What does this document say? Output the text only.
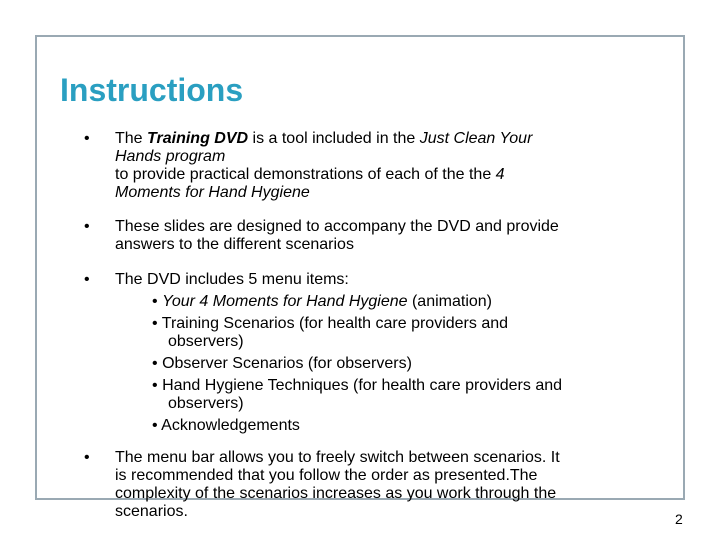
Instructions
• The Training DVD is a tool included in the Just Clean Your
Hands program
to provide practical demonstrations of each of the the 4
Moments for Hand Hygiene
• These slides are designed to accompany the DVD and provide
answers to the different scenarios
• The DVD includes 5 menu items:
• Your 4 Moments for Hand Hygiene (animation)
• Training Scenarios (for health care providers and
observers)
• Observer Scenarios (for observers)
• Hand Hygiene Techniques (for health care providers and
observers)
• Acknowledgements
• The menu bar allows you to freely switch between scenarios. It
is recommended that you follow the order as presented.The
complexity of the scenarios increases as you work through the
scenarios.	2
